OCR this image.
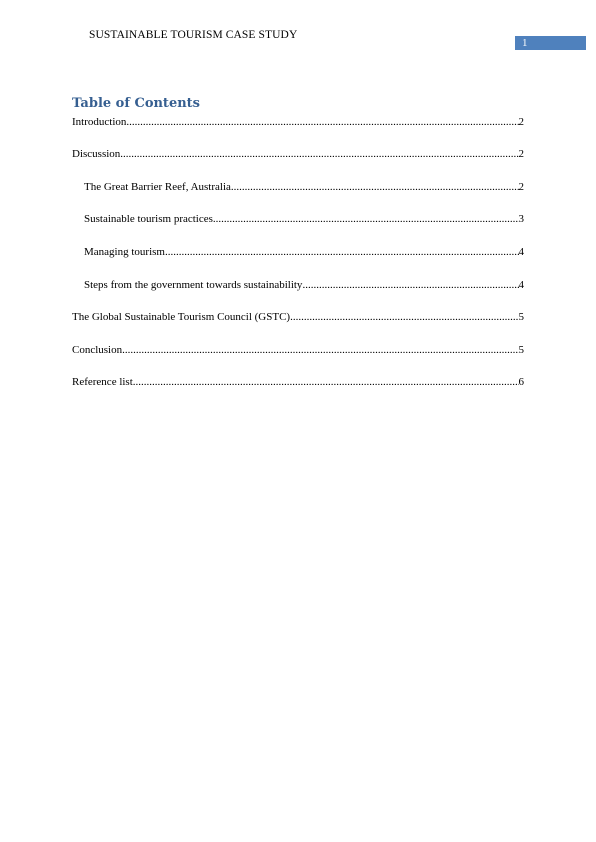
SUSTAINABLE TOURISM CASE STUDY
1
Table of Contents
Introduction .....	2
Discussion .....	2
The Great Barrier Reef, Australia .....	2
Sustainable tourism practices .....	3
Managing tourism .....	4
Steps from the government towards sustainability .....	4
The Global Sustainable Tourism Council (GSTC) .....	5
Conclusion .....	5
Reference list .....	6
